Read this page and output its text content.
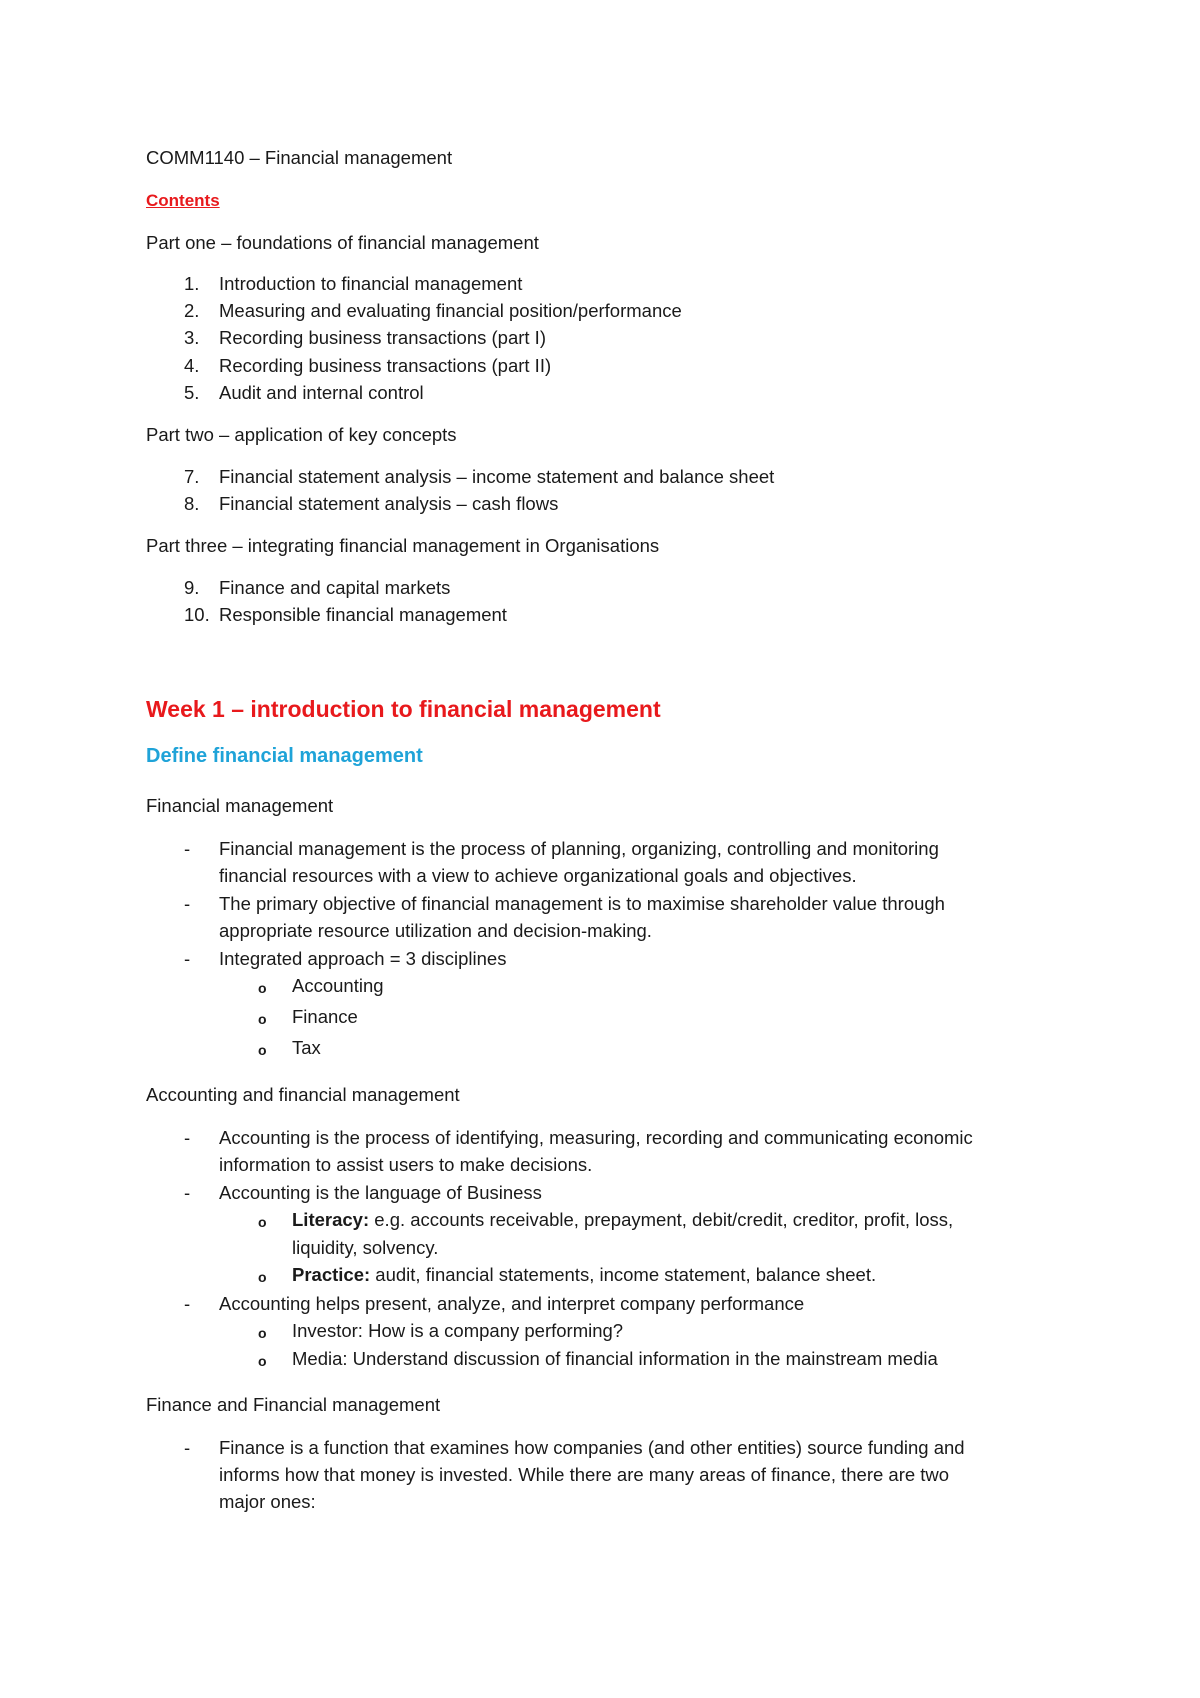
COMM1140 – Financial management
Contents
Part one – foundations of financial management
1.	Introduction to financial management
2.	Measuring and evaluating financial position/performance
3.	Recording business transactions (part I)
4.	Recording business transactions (part II)
5.	Audit and internal control
Part two – application of key concepts
7.	Financial statement analysis – income statement and balance sheet
8.	Financial statement analysis – cash flows
Part three – integrating financial management in Organisations
9.	Finance and capital markets
10. Responsible financial management
Week 1 – introduction to financial management
Define financial management
Financial management
- Financial management is the process of planning, organizing, controlling and monitoring
financial resources with a view to achieve organizational goals and objectives.
- The primary objective of financial management is to maximise shareholder value through
appropriate resource utilization and decision-making.
- Integrated approach = 3 disciplines
o Accounting
o Finance
o Tax
Accounting and financial management
- Accounting is the process of identifying, measuring, recording and communicating economic
information to assist users to make decisions.
- Accounting is the language of Business
o Literacy: e.g. accounts receivable, prepayment, debit/credit, creditor, profit, loss,
liquidity, solvency.
o Practice: audit, financial statements, income statement, balance sheet.
- Accounting helps present, analyze, and interpret company performance
o Investor: How is a company performing?
o Media: Understand discussion of financial information in the mainstream media
Finance and Financial management
- Finance is a function that examines how companies (and other entities) source funding and
informs how that money is invested. While there are many areas of finance, there are two
major ones:
